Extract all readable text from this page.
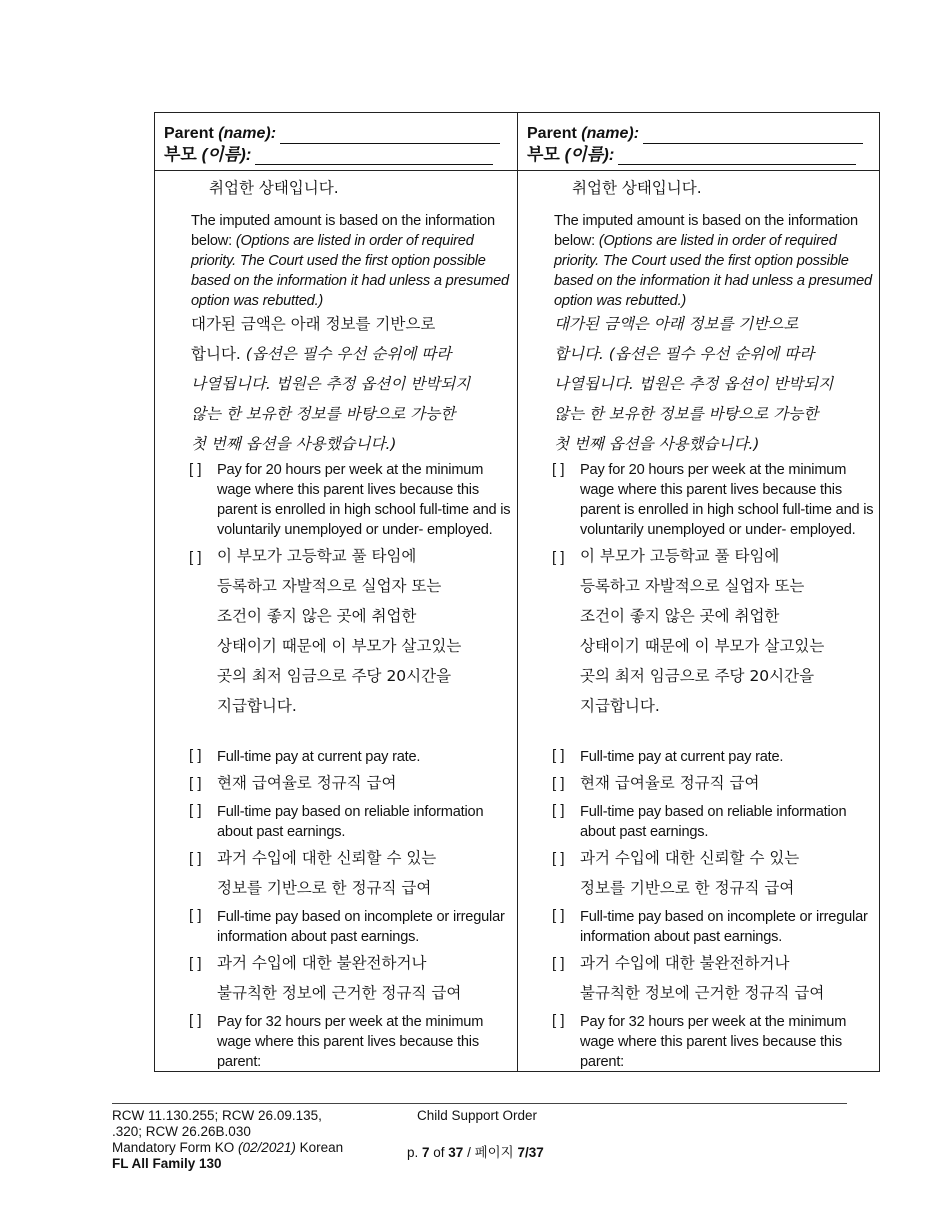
Parent (name):
부모 (이름):
취업한 상태입니다.
The imputed amount is based on the information
below: (Options are listed in order of required
priority. The Court used the first option possible
based on the information it had unless a presumed
option was rebutted.)
대가된 금액은 아래 정보를 기반으로
합니다. (옵션은 필수 우선 순위에 따라
나열됩니다. 법원은 추정 옵션이 반박되지
않는 한 보유한 정보를 바탕으로 가능한
첫 번째 옵션을 사용했습니다.)
[ ] Pay for 20 hours per week at the minimum
wage where this parent lives because this
parent is enrolled in high school full-time and is
voluntarily unemployed or under- employed.
[ ] 이 부모가 고등학교 풀 타임에
등록하고 자발적으로 실업자 또는
조건이 좋지 않은 곳에 취업한
상태이기 때문에 이 부모가 살고있는
곳의 최저 임금으로 주당 20시간을
지급합니다.
[ ] Full-time pay at current pay rate.
[ ] 현재 급여율로 정규직 급여
[ ] Full-time pay based on reliable information
about past earnings.
[ ] 과거 수입에 대한 신뢰할 수 있는
정보를 기반으로 한 정규직 급여
[ ] Full-time pay based on incomplete or irregular
information about past earnings.
[ ] 과거 수입에 대한 불완전하거나
불규칙한 정보에 근거한 정규직 급여
[ ] Pay for 32 hours per week at the minimum
wage where this parent lives because this
parent:
Parent (name):
부모 (이름):
취업한 상태입니다.
The imputed amount is based on the information
below: (Options are listed in order of required
priority. The Court used the first option possible
based on the information it had unless a presumed
option was rebutted.)
대가된 금액은 아래 정보를 기반으로
합니다. (옵션은 필수 우선 순위에 따라
나열됩니다. 법원은 추정 옵션이 반박되지
않는 한 보유한 정보를 바탕으로 가능한
첫 번째 옵션을 사용했습니다.)
[ ] Pay for 20 hours per week at the minimum
wage where this parent lives because this
parent is enrolled in high school full-time and is
voluntarily unemployed or under- employed.
[ ] 이 부모가 고등학교 풀 타임에
등록하고 자발적으로 실업자 또는
조건이 좋지 않은 곳에 취업한
상태이기 때문에 이 부모가 살고있는
곳의 최저 임금으로 주당 20시간을
지급합니다.
[ ] Full-time pay at current pay rate.
[ ] 현재 급여율로 정규직 급여
[ ] Full-time pay based on reliable information
about past earnings.
[ ] 과거 수입에 대한 신뢰할 수 있는
정보를 기반으로 한 정규직 급여
[ ] Full-time pay based on incomplete or irregular
information about past earnings.
[ ] 과거 수입에 대한 불완전하거나
불규칙한 정보에 근거한 정규직 급여
[ ] Pay for 32 hours per week at the minimum
wage where this parent lives because this
parent:
RCW 11.130.255; RCW 26.09.135,
.320; RCW 26.26B.030
Mandatory Form KO (02/2021) Korean
FL All Family 130
Child Support Order
p. 7 of 37 / 페이지 7/37
